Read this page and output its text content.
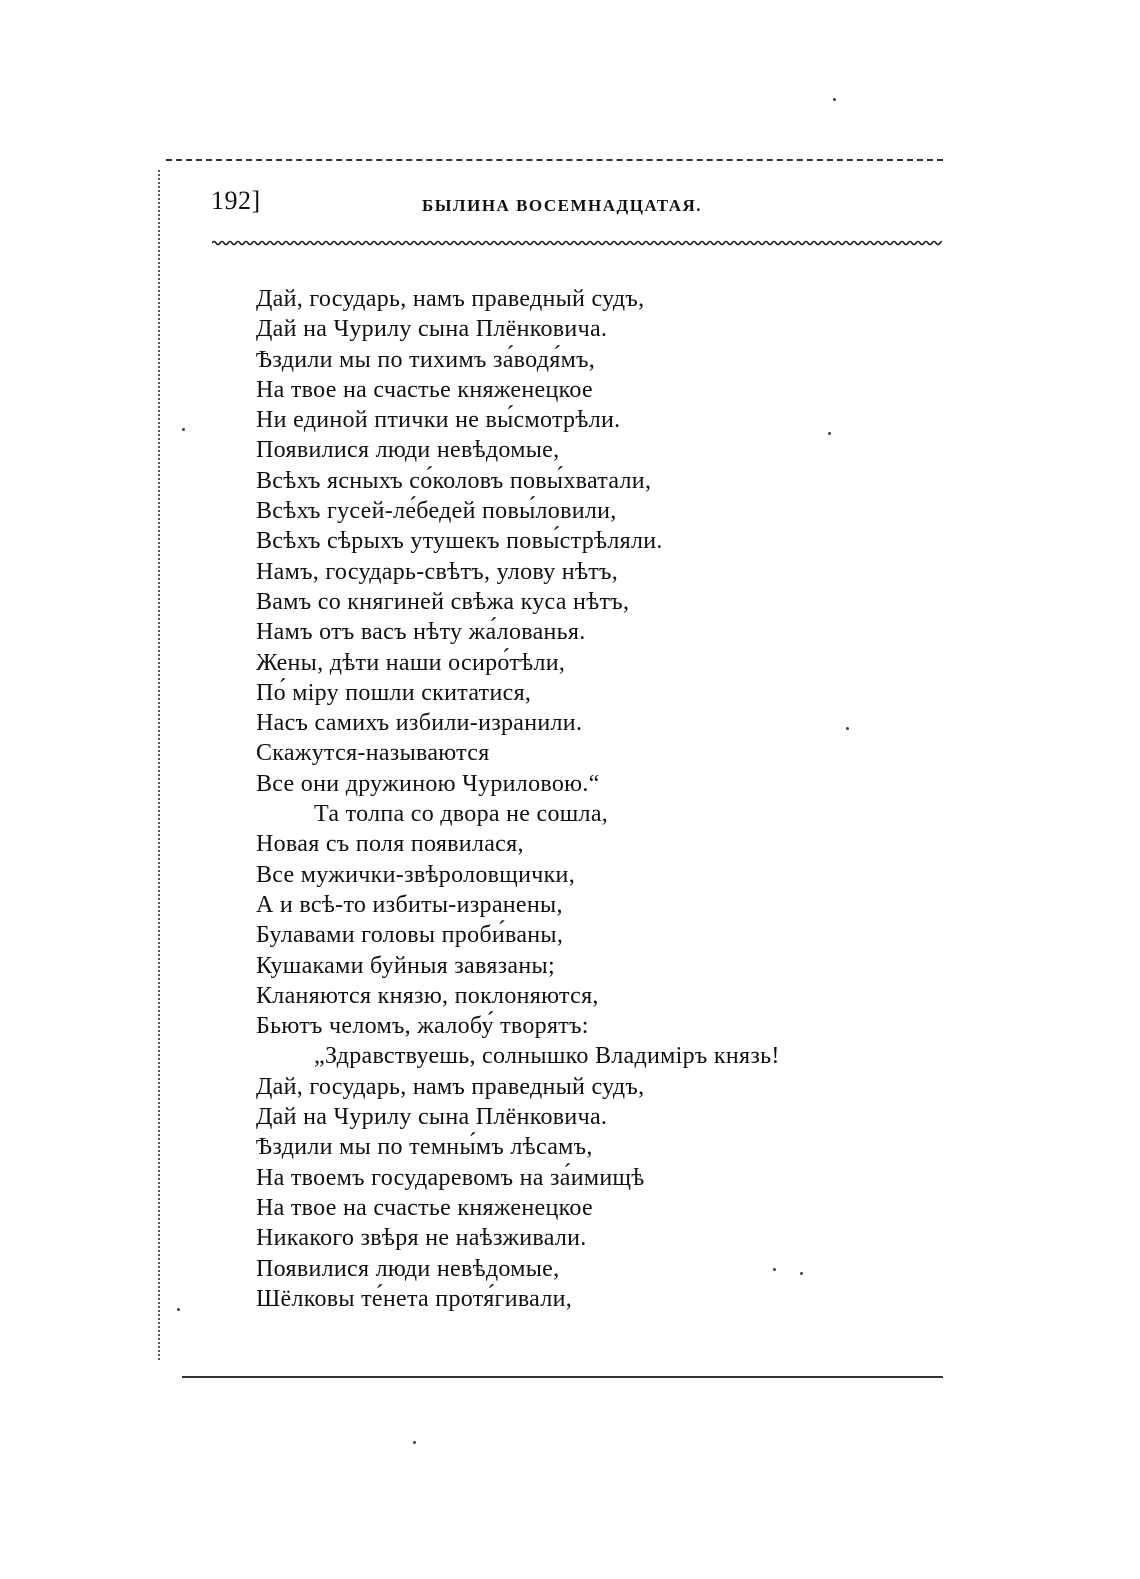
192]	БЫЛИНА ВОСЕМНАДЦАТАЯ.
Дай, государь, намъ праведный судъ,
Дай на Чурилу сына Плёнковича.
Ѣздили мы по тихимъ за́водя́мъ,
На твое на счастье княженецкое
Ни единой птички не вы́смотрѣли.
Появилися люди невѣдомые,
Всѣхъ ясныхъ со́коловъ повы́хватали,
Всѣхъ гусей-ле́бедей повы́ловили,
Всѣхъ сѣрыхъ утушекъ повы́стрѣляли.
Намъ, государь-свѣтъ, улову нѣтъ,
Вамъ со княгиней свѣжа куса нѣтъ,
Намъ отъ васъ нѣту жа́лованья.
Жены, дѣти наши осиро́тѣли,
По́ міру пошли скитатися,
Насъ самихъ избили-изранили.
Скажутся-называются
Все они дружиною Чуриловою.“
Та толпа со двора не сошла,
Новая съ поля появилася,
Все мужички-звѣроловщички,
А и всѣ-то избиты-изранены,
Булавами головы проби́ваны,
Кушаками буйныя завязаны;
Кланяются князю, поклоняются,
Бьютъ челомъ, жалобу́ творятъ:
„Здравствуешь, солнышко Владиміръ князь!
Дай, государь, намъ праведный судъ,
Дай на Чурилу сына Плёнковича.
Ѣздили мы по темны́мъ лѣсамъ,
На твоемъ государевомъ на за́имищѣ
На твое на счастье княженецкое
Никакого звѣря не наѣзживали.
Появилися люди невѣдомые,
Шёлковы те́нета протя́гивали,
